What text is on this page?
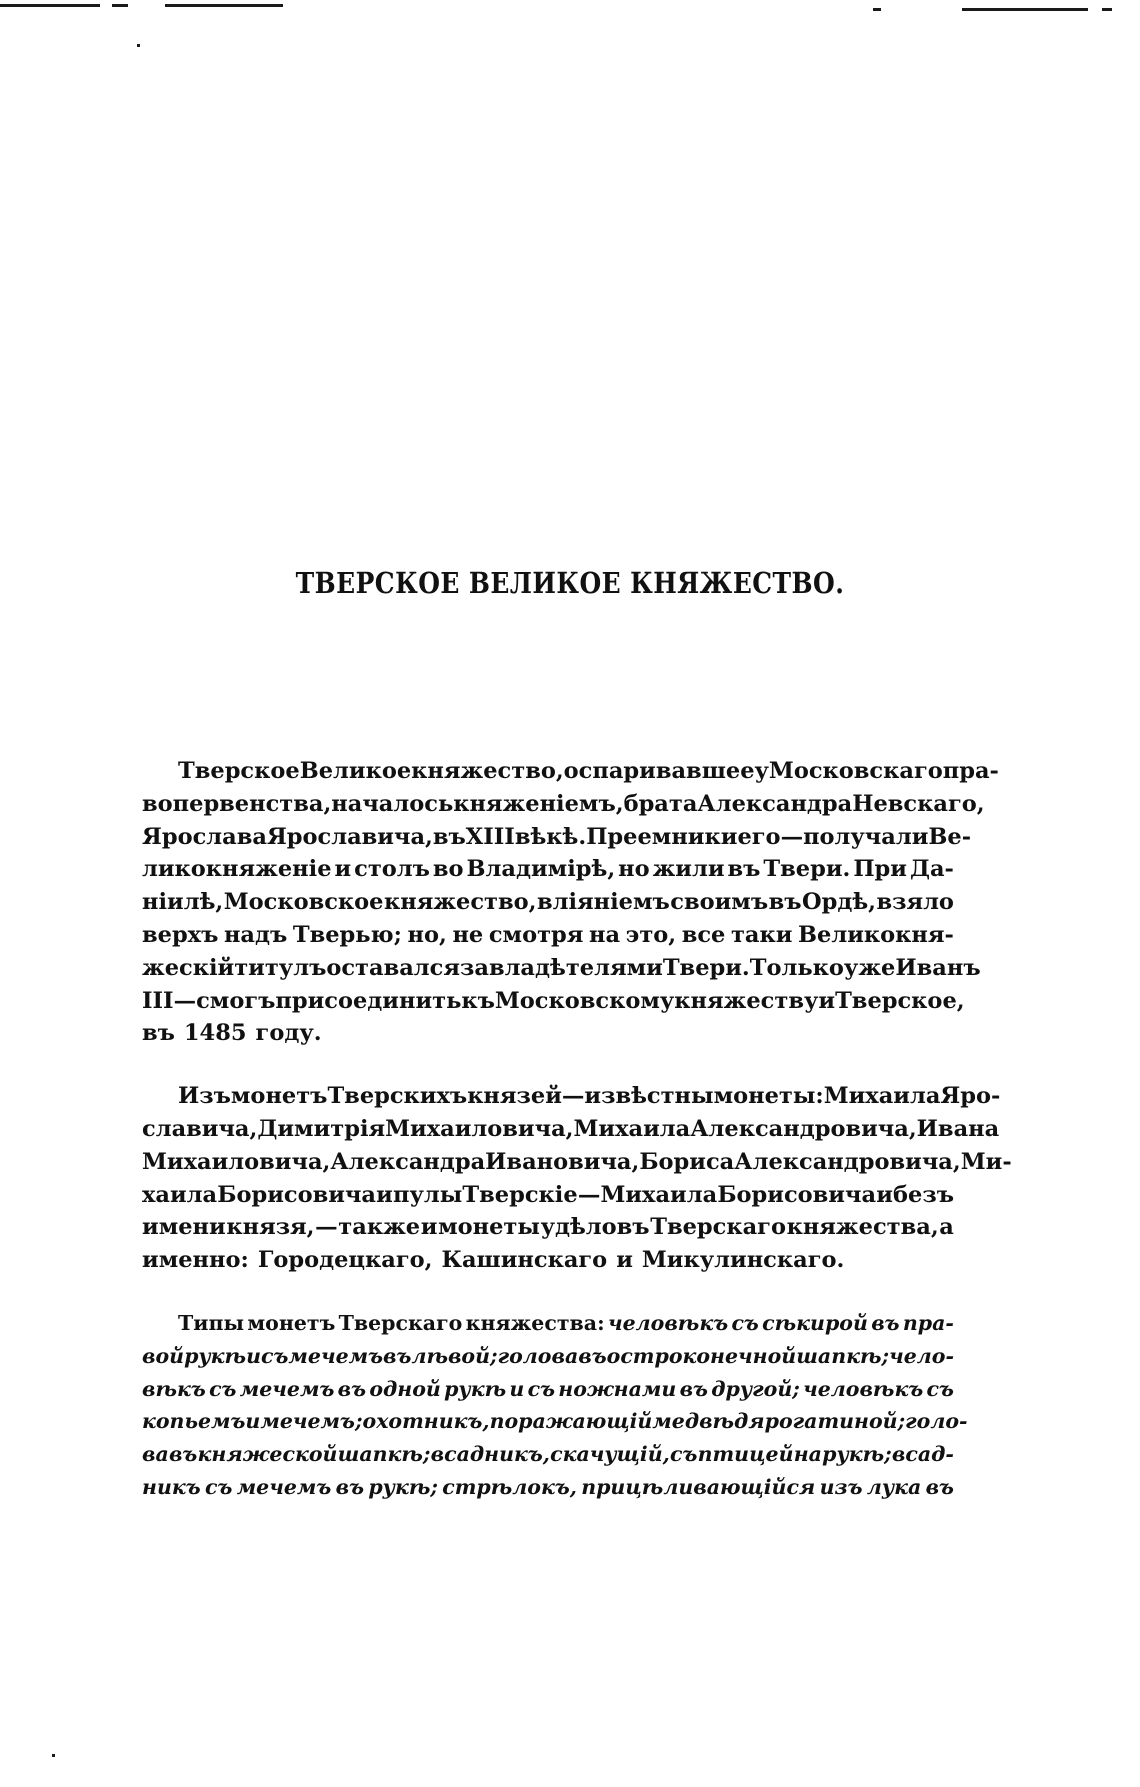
ТВЕРСКОЕ ВЕЛИКОЕ КНЯЖЕСТВО.
Тверское Великое княжество, оспаривавшее у Московскаго пра-
во первенства, началось княженіемъ, брата Александра Невскаго,
Ярослава Ярославича, въ XIII вѣкѣ. Преемники его — получали Ве-
ликокняженіе и столъ во Владимірѣ, но жили въ Твери. При Да-
ніилѣ, Московское княжество, вліяніемъ своимъ въ Ордѣ, взяло
верхъ надъ Тверью; но, не смотря на это, все таки Великокня-
жескій титулъ оставался за владѣтелями Твери. Только уже Иванъ
III — смогъ присоединить къ Московскому княжеству и Тверское,
въ 1485 году.
Изъ монетъ Тверскихъ князей — извѣстны монеты: Михаила Яро-
славича, Димитрія Михаиловича, Михаила Александровича, Ивана
Михаиловича, Александра Ивановича, Бориса Александровича, Ми-
хаила Борисовича и пулы Тверскіе — Михаила Борисовича и безъ
имени князя, — также и монеты удѣловъ Тверскаго княжества, а
именно: Городецкаго, Кашинскаго и Микулинскаго.
Типы монетъ Тверскаго княжества: человѣкъ съ сѣкирой въ пра-
вой рукѣ и съ мечемъ въ лѣвой; голова въ остроконечной шапкѣ; чело-
вѣкъ съ мечемъ въ одной рукѣ и съ ножнами въ другой; человѣкъ съ
копьемъ и мечемъ; охотникъ, поражающій медвѣдя рогатиной; голо-
ва въ княжеской шапкѣ; всадникъ, скачущій, съ птицей на рукѣ; всад-
никъ съ мечемъ въ рукѣ; стрѣлокъ, прицѣливающійся изъ лука въ
